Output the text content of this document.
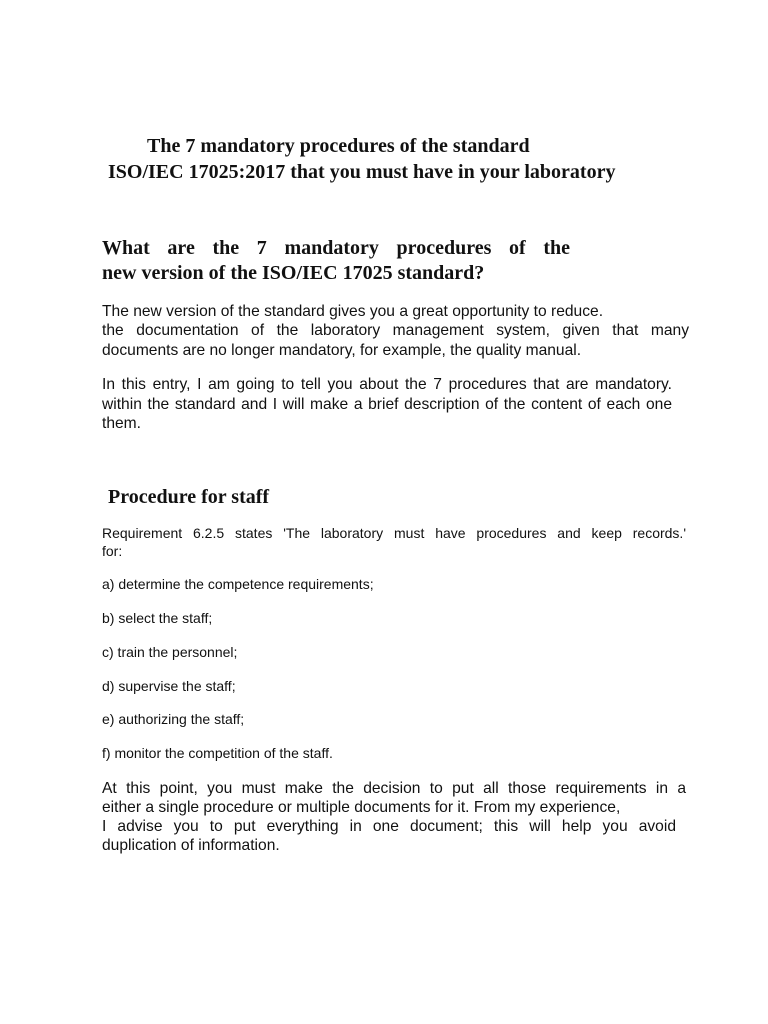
The 7 mandatory procedures of the standard
ISO/IEC 17025:2017 that you must have in your laboratory
What are the 7 mandatory procedures of the
new version of the ISO/IEC 17025 standard?

The new version of the standard gives you a great opportunity to reduce.

the documentation of the laboratory management system, given that many

documents are no longer mandatory, for example, the quality manual.

In this entry, I am going to tell you about the 7 procedures that are mandatory.

within the standard and I will make a brief description of the content of each one

them.

Procedure for staff

Requirement 6.2.5 states 'The laboratory must have procedures and keep records.'

for:

a) determine the competence requirements;

b) select the staff;

c) train the personnel;

d) supervise the staff;

e) authorizing the staff;

f) monitor the competition of the staff.

At this point, you must make the decision to put all those requirements in a

either a single procedure or multiple documents for it. From my experience,

I advise you to put everything in one document; this will help you avoid

duplication of information.
